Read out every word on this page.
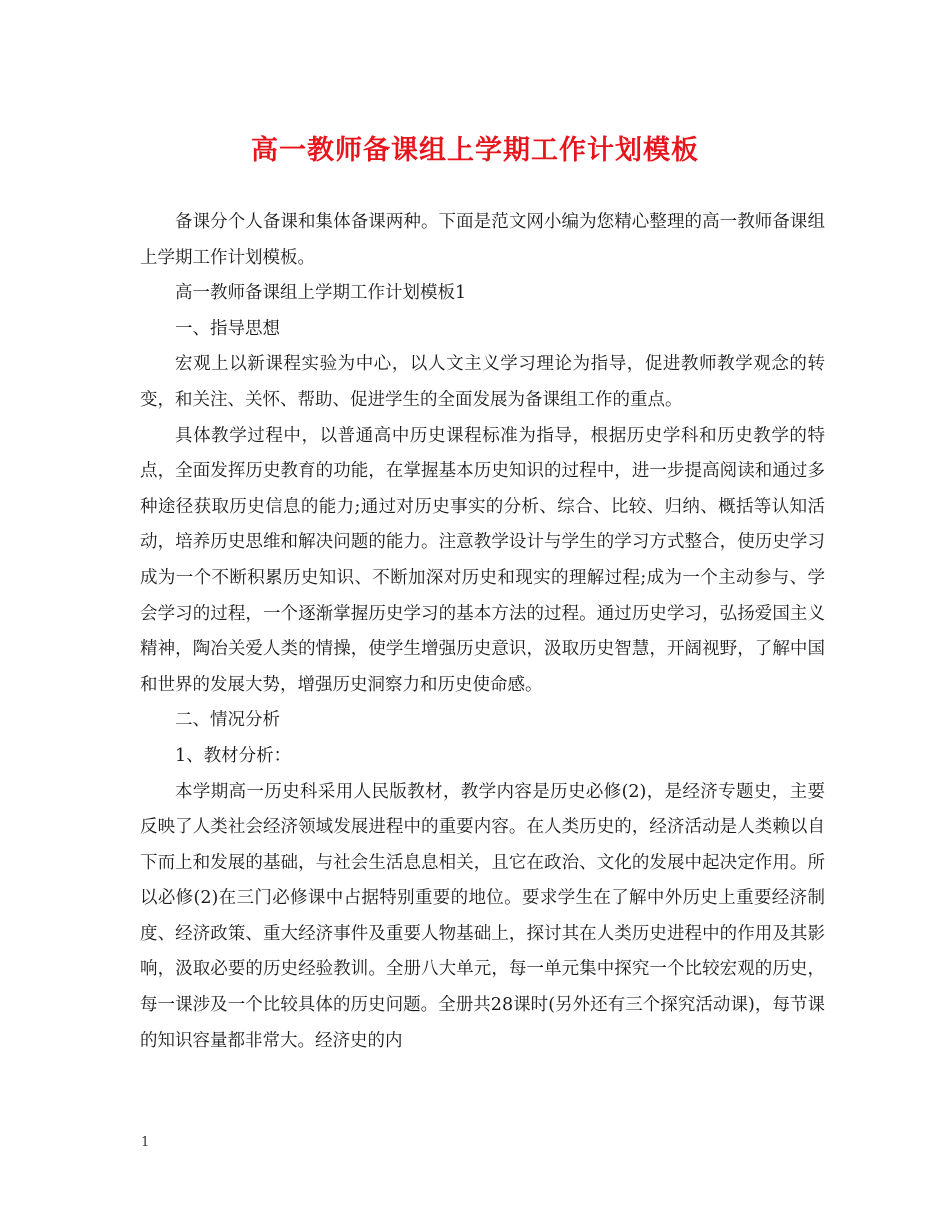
高一教师备课组上学期工作计划模板

备课分个人备课和集体备课两种。下面是范文网小编为您精心整理的高一教师备课组上学期工作计划模板。

高一教师备课组上学期工作计划模板1

一、指导思想

宏观上以新课程实验为中心，以人文主义学习理论为指导，促进教师教学观念的转变，和关注、关怀、帮助、促进学生的全面发展为备课组工作的重点。

具体教学过程中，以普通高中历史课程标准为指导，根据历史学科和历史教学的特点，全面发挥历史教育的功能，在掌握基本历史知识的过程中，进一步提高阅读和通过多种途径获取历史信息的能力;通过对历史事实的分析、综合、比较、归纳、概括等认知活动，培养历史思维和解决问题的能力。注意教学设计与学生的学习方式整合，使历史学习成为一个不断积累历史知识、不断加深对历史和现实的理解过程;成为一个主动参与、学会学习的过程，一个逐渐掌握历史学习的基本方法的过程。通过历史学习，弘扬爱国主义精神，陶冶关爱人类的情操，使学生增强历史意识，汲取历史智慧，开阔视野，了解中国和世界的发展大势，增强历史洞察力和历史使命感。

二、情况分析

1、教材分析：

本学期高一历史科采用人民版教材，教学内容是历史必修(2)，是经济专题史，主要反映了人类社会经济领域发展进程中的重要内容。在人类历史的，经济活动是人类赖以自下而上和发展的基础，与社会生活息息相关，且它在政治、文化的发展中起决定作用。所以必修(2)在三门必修课中占据特别重要的地位。要求学生在了解中外历史上重要经济制度、经济政策、重大经济事件及重要人物基础上，探讨其在人类历史进程中的作用及其影响，汲取必要的历史经验教训。全册八大单元，每一单元集中探究一个比较宏观的历史，每一课涉及一个比较具体的历史问题。全册共28课时(另外还有三个探究活动课)，每节课的知识容量都非常大。经济史的内

1
